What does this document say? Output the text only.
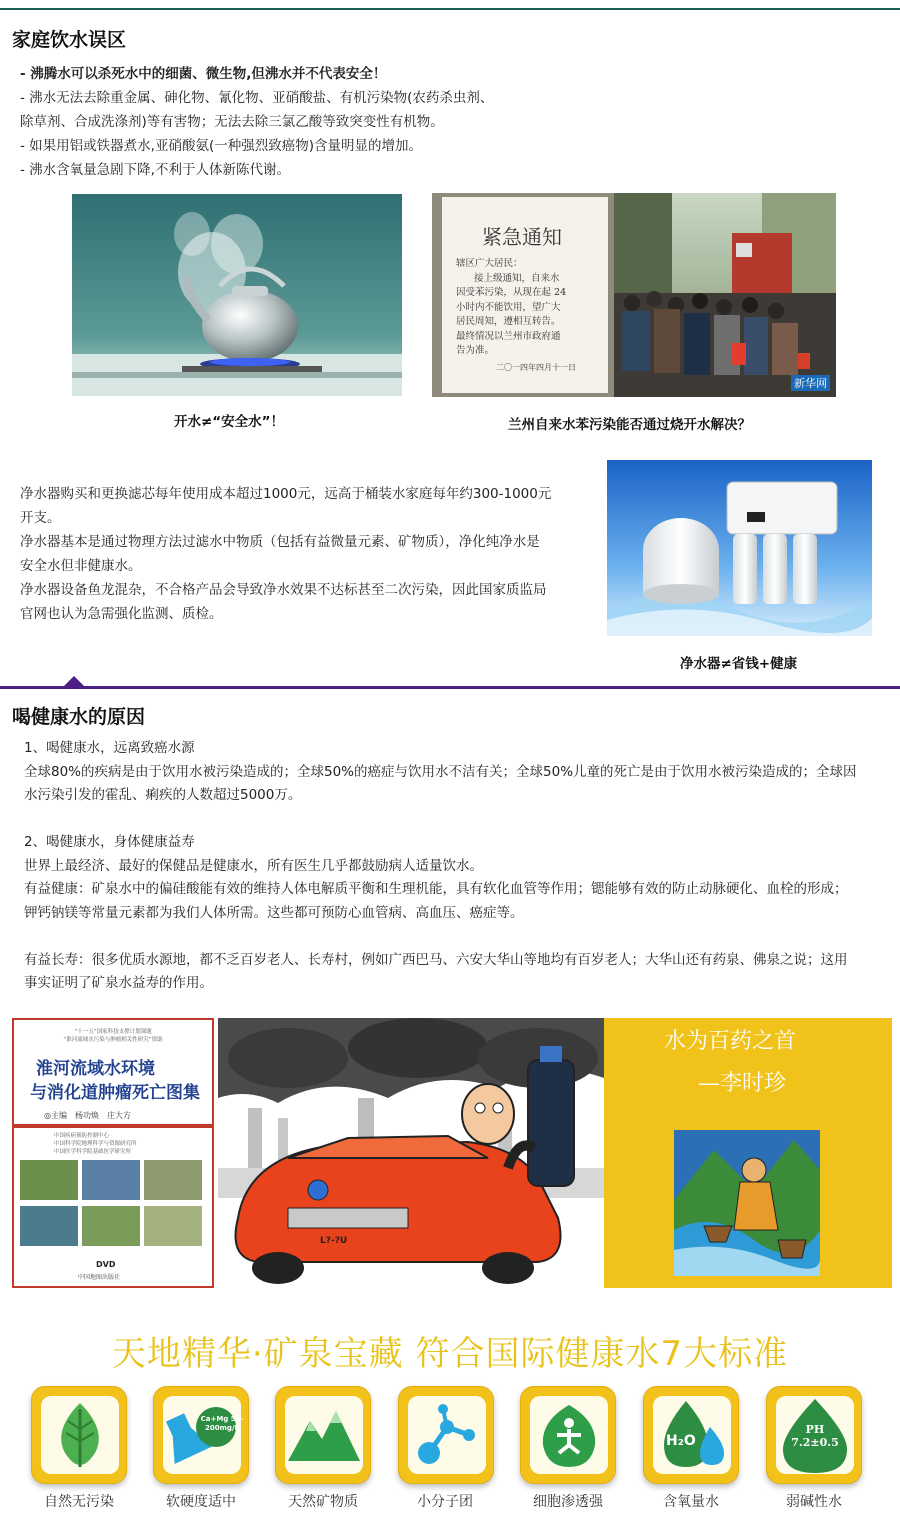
家庭饮水误区
- 沸腾水可以杀死水中的细菌、微生物,但沸水并不代表安全！
- 沸水无法去除重金属、砷化物、氰化物、亚硝酸盐、有机污染物(农药杀虫剂、
除草剂、合成洗涤剂)等有害物；无法去除三氯乙酸等致突变性有机物。
- 如果用铝或铁器煮水,亚硝酸氨(一种强烈致癌物)含量明显的增加。
- 沸水含氧量急剧下降,不利于人体新陈代谢。
紧急通知
辖区广大居民：
接上级通知，自来水
因受苯污染，从现在起 24
小时内不能饮用，望广大
居民周知，遵相互转告。
最终情况以兰州市政府通
告为准。
二〇一四年四月十一日
新华网
开水≠“安全水”！	兰州自来水苯污染能否通过烧开水解决？
净水器购买和更换滤芯每年使用成本超过1000元，远高于桶装水家庭每年约300-1000元
开支。
净水器基本是通过物理方法过滤水中物质（包括有益微量元素、矿物质），净化纯净水是
安全水但非健康水。
净水器设备鱼龙混杂，不合格产品会导致净水效果不达标甚至二次污染，因此国家质监局
官网也认为急需强化监测、质检。
净水器≠省钱+健康
喝健康水的原因
1、喝健康水，远离致癌水源
全球80%的疾病是由于饮用水被污染造成的；全球50%的癌症与饮用水不洁有关；全球50%儿童的死亡是由于饮用水被污染造成的；全球因
水污染引发的霍乱、痢疾的人数超过5000万。
2、喝健康水，身体健康益寿
世界上最经济、最好的保健品是健康水，所有医生几乎都鼓励病人适量饮水。
有益健康：矿泉水中的偏硅酸能有效的维持人体电解质平衡和生理机能，具有软化血管等作用；锶能够有效的防止动脉硬化、血栓的形成；
钾钙钠镁等常量元素都为我们人体所需。这些都可预防心血管病、高血压、癌症等。
有益长寿：很多优质水源地，都不乏百岁老人、长寿村，例如广西巴马、六安大华山等地均有百岁老人；大华山还有药泉、佛泉之说；这用
事实证明了矿泉水益寿的作用。
“十一五”国家科技支撑计划课题
“淮河流域水污染与肿瘤相关性研究”资助
淮河流域水环境
与消化道肿瘤死亡图集
◎主编　杨功焕　庄大方
中国疾病预防控制中心
中国科学院地理科学与资源研究所
中国医学科学院基础医学研究所
DVD
中国地图出版社
L?-?U
水为百药之首
—李时珍
天地精华·矿泉宝藏 符合国际健康水7大标准
自然无污染
Ca+Mg 50-200mg/L
软硬度适中	天然矿物质	小分子团	细胞渗透强
H₂O
含氧量水
PH 7.2±0.5
弱碱性水
